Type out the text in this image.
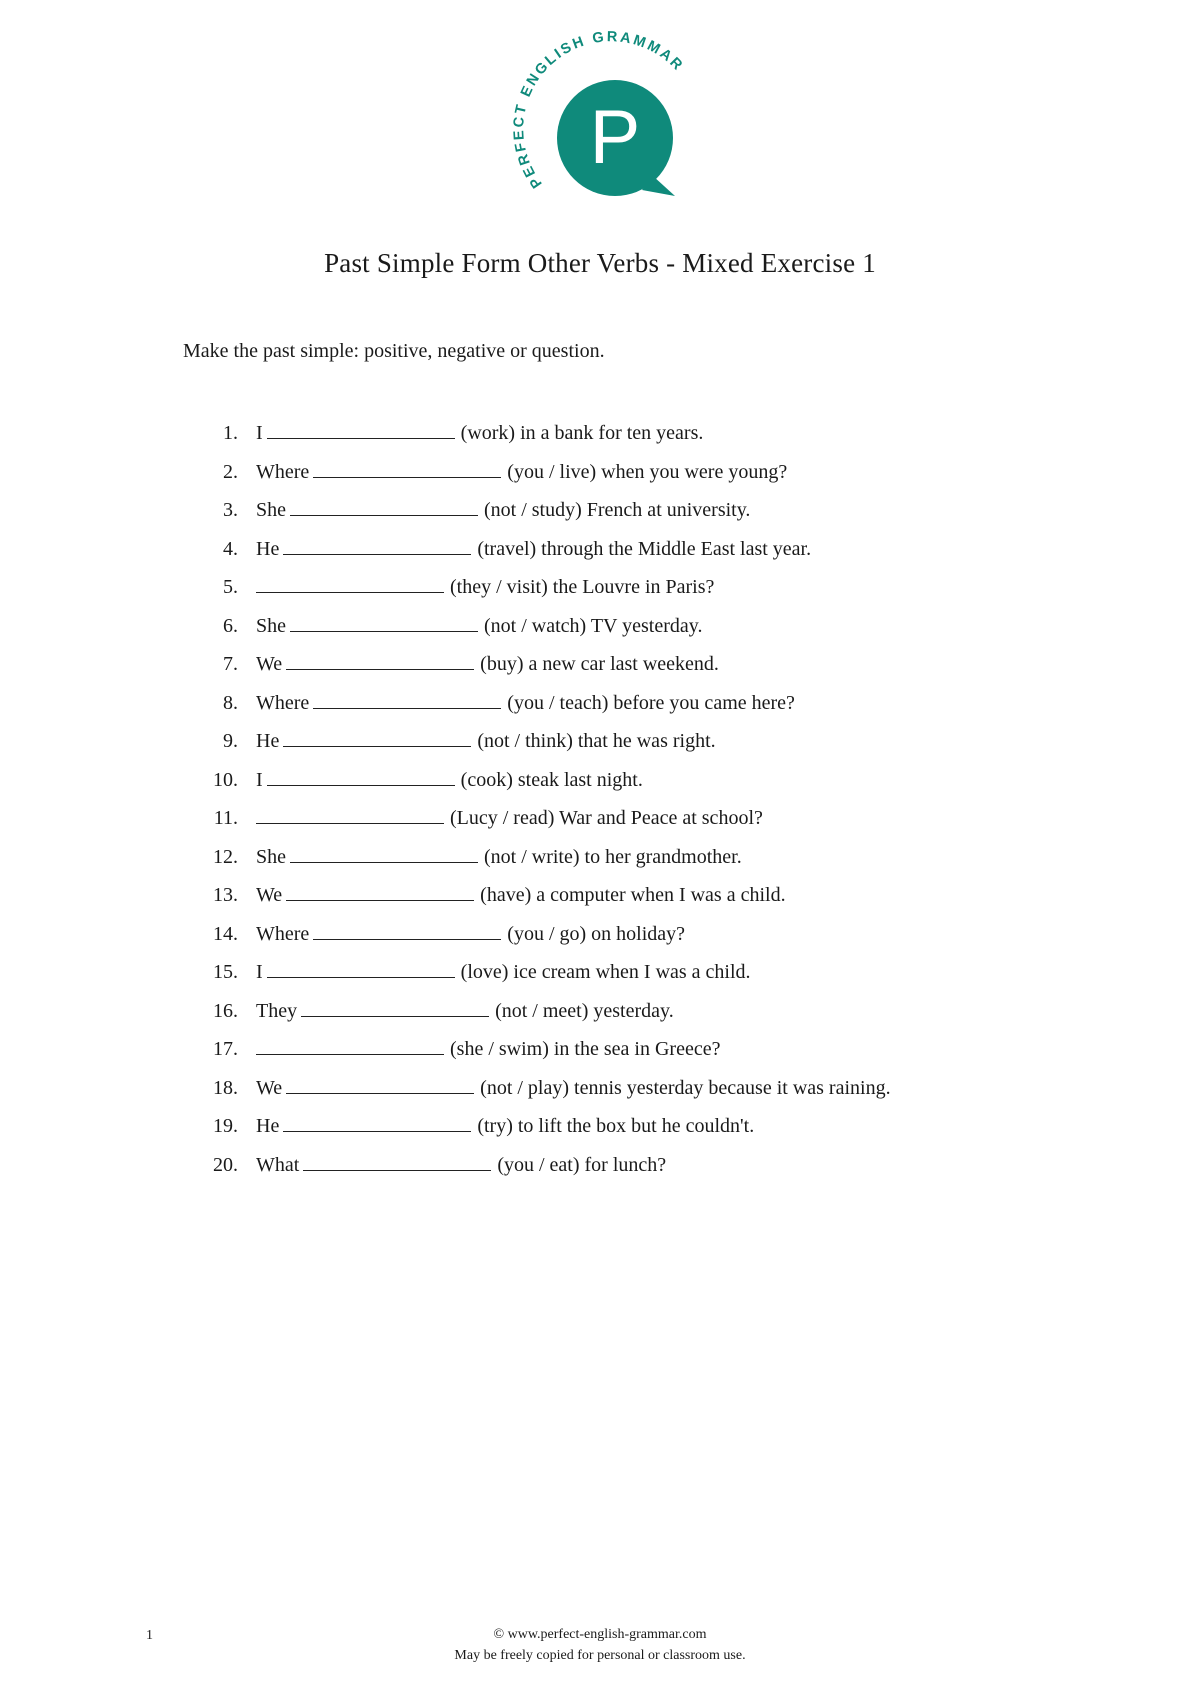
PERFECT ENGLISH GRAMMAR
P
Past Simple Form Other Verbs - Mixed Exercise 1
Make the past simple: positive, negative or question.
1. I	(work) in a bank for ten years.
2. Where	(you / live) when you were young?
3. She	(not / study) French at university.
4. He	(travel) through the Middle East last year.
5.	(they / visit) the Louvre in Paris?
6. She	(not / watch) TV yesterday.
7. We	(buy) a new car last weekend.
8. Where	(you / teach) before you came here?
9. He	(not / think) that he was right.
10. I	(cook) steak last night.
11.	(Lucy / read) War and Peace at school?
12. She	(not / write) to her grandmother.
13. We	(have) a computer when I was a child.
14. Where	(you / go) on holiday?
15. I	(love) ice cream when I was a child.
16. They	(not / meet) yesterday.
17.	(she / swim) in the sea in Greece?
18. We	(not / play) tennis yesterday because it was raining.
19. He	(try) to lift the box but he couldn't.
20. What	(you / eat) for lunch?
1	© www.perfect-english-grammar.com
May be freely copied for personal or classroom use.
